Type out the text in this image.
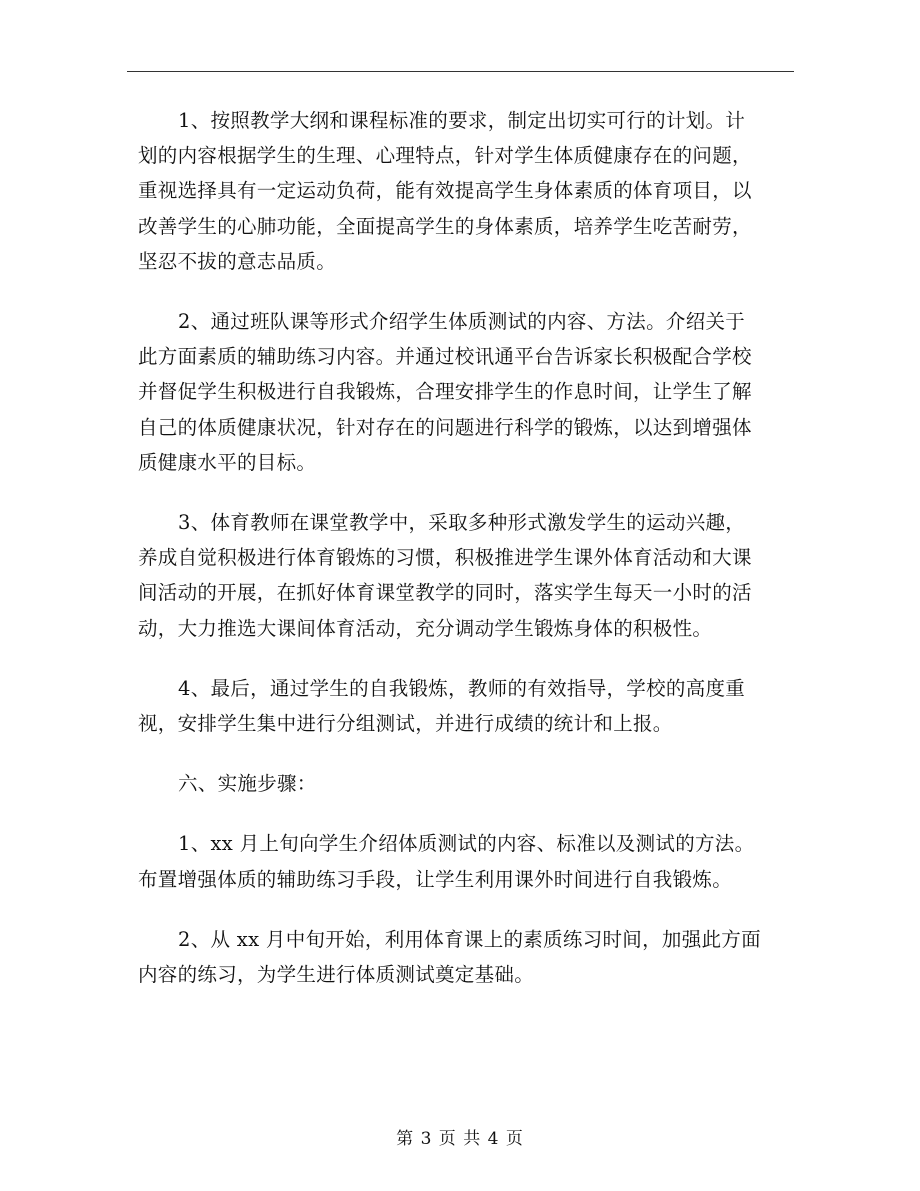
1、按照教学大纲和课程标准的要求，制定出切实可行的计划。计
划的内容根据学生的生理、心理特点，针对学生体质健康存在的问题，
重视选择具有一定运动负荷，能有效提高学生身体素质的体育项目，以
改善学生的心肺功能，全面提高学生的身体素质，培养学生吃苦耐劳，
坚忍不拔的意志品质。
2、通过班队课等形式介绍学生体质测试的内容、方法。介绍关于
此方面素质的辅助练习内容。并通过校讯通平台告诉家长积极配合学校
并督促学生积极进行自我锻炼，合理安排学生的作息时间，让学生了解
自己的体质健康状况，针对存在的问题进行科学的锻炼，以达到增强体
质健康水平的目标。
3、体育教师在课堂教学中，采取多种形式激发学生的运动兴趣，
养成自觉积极进行体育锻炼的习惯，积极推进学生课外体育活动和大课
间活动的开展，在抓好体育课堂教学的同时，落实学生每天一小时的活
动，大力推选大课间体育活动，充分调动学生锻炼身体的积极性。
4、最后，通过学生的自我锻炼，教师的有效指导，学校的高度重
视，安排学生集中进行分组测试，并进行成绩的统计和上报。
六、实施步骤：
1、xx 月上旬向学生介绍体质测试的内容、标准以及测试的方法。
布置增强体质的辅助练习手段，让学生利用课外时间进行自我锻炼。
2、从 xx 月中旬开始，利用体育课上的素质练习时间，加强此方面
内容的练习，为学生进行体质测试奠定基础。
第 3 页 共 4 页
